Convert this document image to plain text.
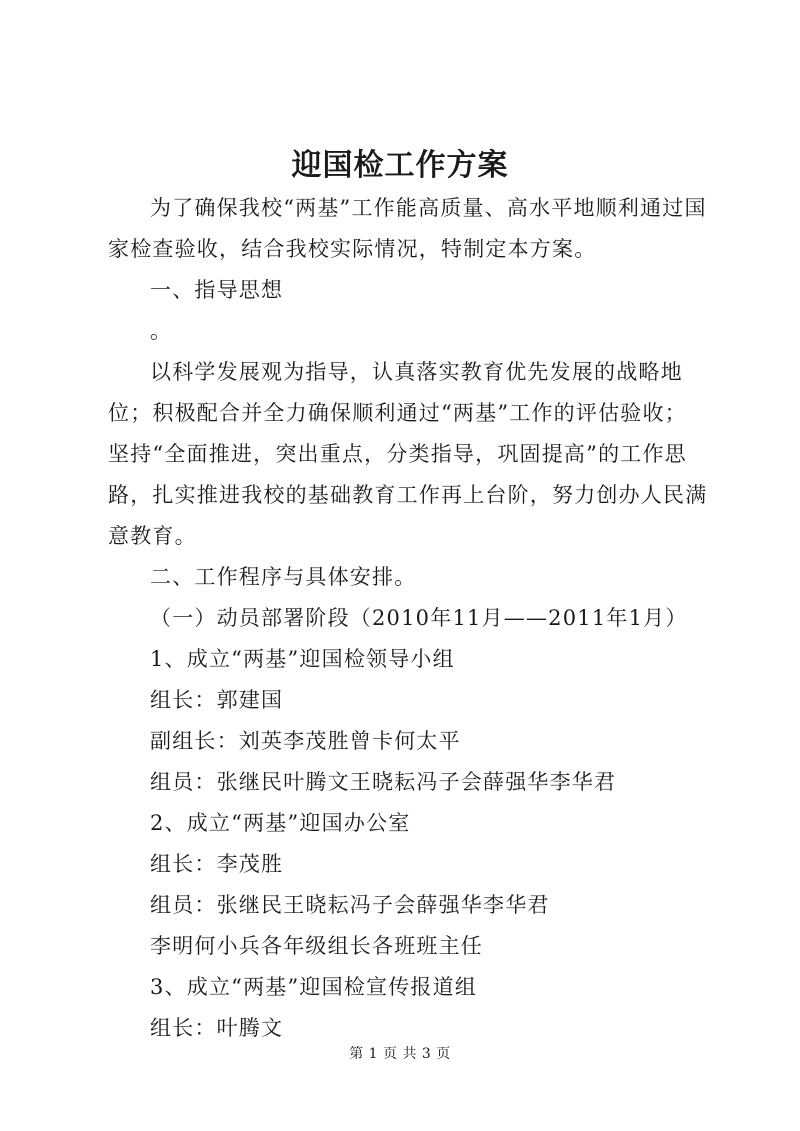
迎国检工作方案

为了确保我校“两基”工作能高质量、高水平地顺利通过国家检查验收，结合我校实际情况，特制定本方案。

一、指导思想

。

以科学发展观为指导，认真落实教育优先发展的战略地位；积极配合并全力确保顺利通过“两基”工作的评估验收；坚持“全面推进，突出重点，分类指导，巩固提高”的工作思路，扎实推进我校的基础教育工作再上台阶，努力创办人民满意教育。

二、工作程序与具体安排。

（一）动员部署阶段（2010年11月——2011年1月）

1、成立“两基”迎国检领导小组

组长：郭建国

副组长：刘英李茂胜曾卡何太平

组员：张继民叶腾文王晓耘冯子会薛强华李华君

2、成立“两基”迎国办公室

组长：李茂胜

组员：张继民王晓耘冯子会薛强华李华君

李明何小兵各年级组长各班班主任

3、成立“两基”迎国检宣传报道组

组长：叶腾文

第 1 页 共 3 页
